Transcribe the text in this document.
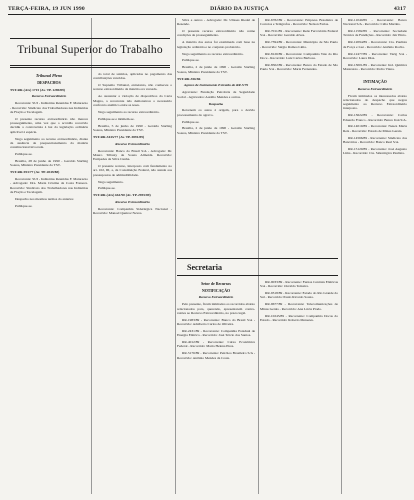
TERÇA-FEIRA, 19 JUN 1990	DIÁRIO DA JUSTIÇA	4317
Tribunal Pleno
DESPACHOS

TST-RR-(AG) 1715 (Av. TP-1289/89)

Recurso Extraordinário

Recorrente: SUI - Indústrias Reunidas F. Matarazzo - Recorrido: Sindicato dos Trabalhadores nas Indústrias de Fiação e Tecelagem.

O presente recurso extraordinário não merece prosseguimento, uma vez que o acórdão recorrido decidiu a controvérsia à luz da legislação ordinária aplicável à espécie.

Nego seguimento ao recurso extraordinário, diante da ausência de prequestionamento da matéria constitucional invocada.

Publique-se.

Brasília, 28 de junho de 1990 - Geraldo Starling Soares, Ministro Presidente do TST.

TST-RR-953/77 (Av. TP-2049/88)

Recorrente: SUI - Indústrias Reunidas F. Matarazzo - Advogado: Dra. Maria Cristina da Costa Fonseca. Recorrido: Sindicato dos Trabalhadores nas Indústrias de Fiação e Tecelagem.

Despacho nos mesmos termos do anterior.

Publique-se.

Tribunal Superior do Trabalho

do total de salários, aplicadas no pagamento das contribuições vencidas.

O Supremo Tribunal, entretanto, não conheceu o recurso extraordinário da matéria ora versada.

Ao sustentar a violação de dispositivos da Carta Magna, a recorrente não demonstrou o necessário confronto analítico entre as teses.

Nego seguimento ao recurso extraordinário.

Publique-se e intimem-se.

Brasília, 5 de junho de 1990 - Geraldo Starling Soares, Ministro Presidente do TST.

TST-RR-3443/77 (Av. TP-3891/89)

Recurso Extraordinário

Recorrente: Banco do Brasil S/A - Advogado: Dr. Mauro Tribuzy de Souza Almeida. Recorrido: Eurípedes da Silva Cunha.

O presente recurso, interposto com fundamento no art. 102, III, a, da Constituição Federal, não atende aos pressupostos de admissibilidade.

Nego seguimento.

Publique-se.

TST-RR-(AG) 661/90 (Av. TP-2955/89)

Recurso Extraordinário

Recorrente: Companhia Siderúrgica Nacional - Recorrido: Manoel Queiroz Neves.

Silva e outros - Advogado: Dr. Ulisses Riedel de Resende.

O presente recurso extraordinário não reúne condições de prosseguimento.

A matéria dos autos foi examinada com base na legislação ordinária e no conjunto probatório.

Nego seguimento ao recurso extraordinário.

Publique-se.

Brasília, 2 de junho de 1990 - Geraldo Starling Soares, Ministro Presidente do TST.

TST-RR-356/86

Agravo de Instrumento Extraído do RR-5/79

Agravante: Fundação Petrobrás de Seguridade Social - Agravados: Aurélio Mendes e outros.

Despacho

Retornem os autos à origem, para o devido processamento do agravo.

Publique-se.

Brasília, 2 de junho de 1990 - Geraldo Starling Soares, Ministro Presidente do TST.

Secretaria
Setor de Recursos
NOTIFICAÇÃO

Recurso Extraordinário

Pelo presente, ficam intimados os recorridos abaixo relacionados para, querendo, apresentarem contra-razões ao Recurso Extraordinário, no prazo legal.

RR-1983/89 - Recorrente: Banco do Brasil S/A - Recorrido: Adalberto Carlos de Oliveira.

RR-2431/89 - Recorrente: Companhia Estadual de Energia Elétrica - Recorrido: José Tércio dos Santos.

RR-4012/89 - Recorrente: Caixa Econômica Federal - Recorrido: Maria Helena Pires.

RR-5176/89 - Recorrente: Petróleo Brasileiro S/A - Recorrido: Antônio Mendes da Costa.

RR-6782/89 - Recorrente: Empresa Brasileira de Correios e Telégrafos - Recorrido: Nelson Farias.

RR-7011/89 - Recorrente: Rede Ferroviária Federal S/A - Recorrido: Geraldo Alves.

RR-7394/89 - Recorrente: Município de São Paulo - Recorrido: Sérgio Ramos Lima.

RR-8126/89 - Recorrente: Companhia Vale do Rio Doce - Recorrido: Luiz Carlos Barbosa.

RR-8502/89 - Recorrente: Banco do Estado de São Paulo S/A - Recorrido: Marta Fernandes.

RR-9033/89 - Recorrente: Furnas Centrais Elétricas S/A - Recorrido: Osvaldo Teixeira.

RR-9318/89 - Recorrente: Estado do Rio Grande do Sul - Recorrido: Paulo Ricardo Souza.

RR-9677/89 - Recorrente: Telecomunicações de Minas Gerais - Recorrido: Ana Lúcia Prado.

RR-10245/89 - Recorrente: Companhia Docas do Estado - Recorrido: Roberto Menezes.

RR-11040/89 - Recorrente: Banco Nacional S/A - Recorrido: Célia Martins.

RR-11582/89 - Recorrente: Sociedade Técnica de Fundições - Recorrido: Jair Pinto.

RR-12094/89 - Recorrente: Cia. Paulista de Força e Luz - Recorrido: Antônio Rocha.

RR-12477/89 - Recorrente: Varig S/A - Recorrido: Laura Dias.

RR-13001/89 - Recorrente: Ind. Química Matarazzo - Recorrido: Pedro Viana.

INTIMAÇÃO

Recurso Extraordinário

Ficam intimados os interessados abaixo relacionados do despacho que negou seguimento ao Recurso Extraordinário interposto.

RR-13622/89 - Recorrente: Carlos Eduardo Franco - Recorrido: Banco Itaú S/A.

RR-14010/89 - Recorrente: Neuza Maria Reis - Recorrido: Estado de Minas Gerais.

RR-14566/89 - Recorrente: Sindicato dos Bancários - Recorrido: Banco Real S/A.

RR-15120/89 - Recorrente: José Augusto Lima - Recorrido: Cia. Siderúrgica Paulista.
